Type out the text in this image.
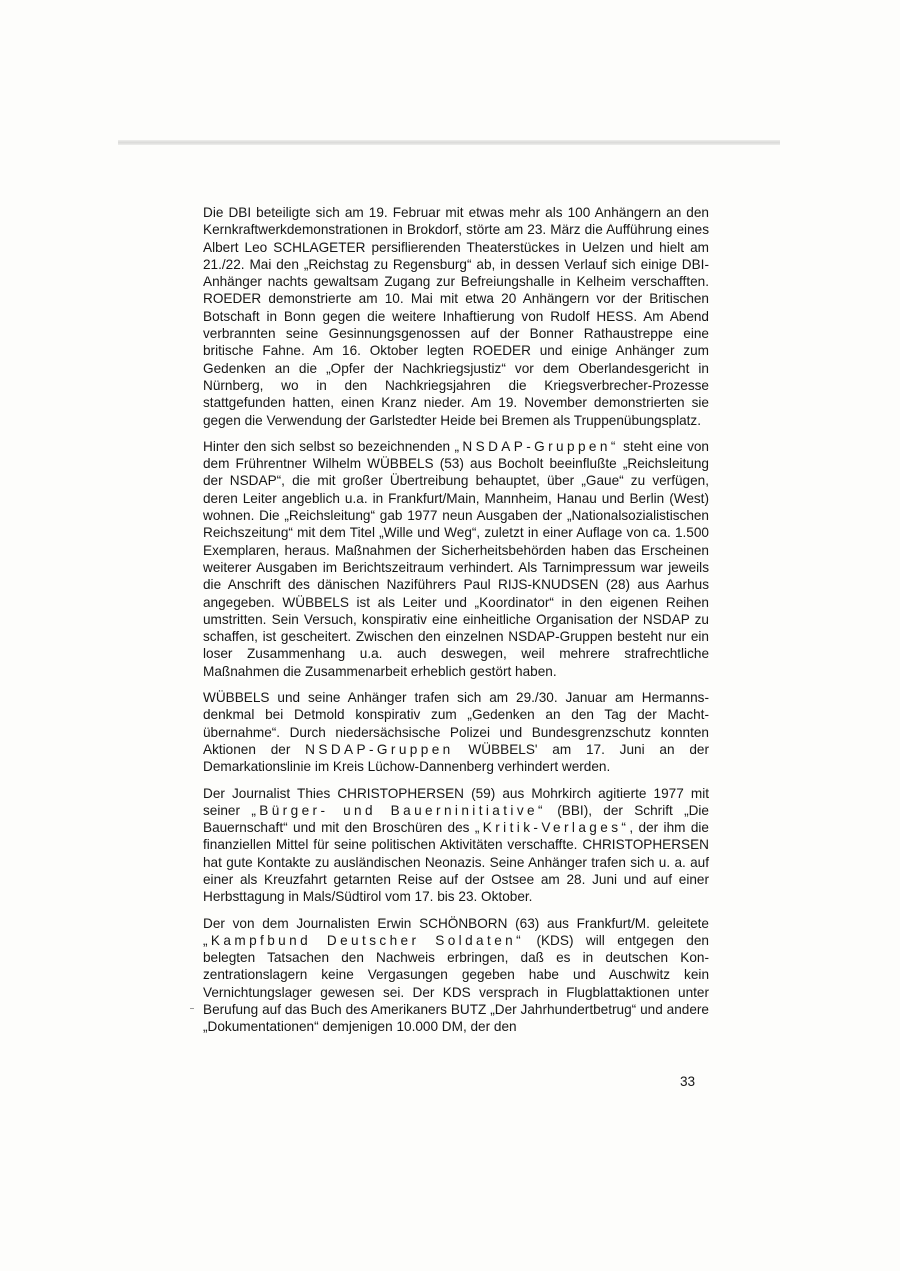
Die DBI beteiligte sich am 19. Februar mit etwas mehr als 100 Anhängern an den Kernkraftwerkdemonstrationen in Brokdorf, störte am 23. März die Aufführung eines Albert Leo SCHLAGETER persiflierenden Theaterstückes in Uelzen und hielt am 21./22. Mai den „Reichstag zu Regensburg“ ab, in dessen Verlauf sich einige DBI-Anhänger nachts gewaltsam Zugang zur Befreiungshalle in Kelheim verschafften. ROEDER demonstrierte am 10. Mai mit etwa 20 Anhängern vor der Britischen Botschaft in Bonn gegen die weitere Inhaftierung von Rudolf HESS. Am Abend verbrannten seine Gesinnungsgenossen auf der Bonner Rathaustreppe eine britische Fahne. Am 16. Oktober legten ROEDER und einige Anhänger zum Gedenken an die „Opfer der Nachkriegsjustiz“ vor dem Oberlandesgericht in Nürnberg, wo in den Nachkriegsjahren die Kriegsverbrecher-Prozesse stattgefunden hatten, einen Kranz nieder. Am 19. November demonstrierten sie gegen die Verwendung der Garlstedter Heide bei Bremen als Truppenübungsplatz.

Hinter den sich selbst so bezeichnenden „NSDAP-Gruppen“ steht eine von dem Frührentner Wilhelm WÜBBELS (53) aus Bocholt beeinflußte „Reichsleitung der NSDAP“, die mit großer Übertreibung behauptet, über „Gaue“ zu verfügen, deren Leiter angeblich u.a. in Frankfurt/Main, Mannheim, Hanau und Berlin (West) wohnen. Die „Reichsleitung“ gab 1977 neun Ausgaben der „Nationalsozialistischen Reichszeitung“ mit dem Titel „Wille und Weg“, zuletzt in einer Auflage von ca. 1.500 Exemplaren, heraus. Maßnahmen der Sicherheitsbehörden haben das Erscheinen weiterer Ausgaben im Berichtszeitraum verhindert. Als Tarnimpressum war jeweils die Anschrift des dänischen Naziführers Paul RIJS-KNUDSEN (28) aus Aarhus angegeben. WÜBBELS ist als Leiter und „Koordinator“ in den eigenen Reihen umstritten. Sein Versuch, konspirativ eine einheitliche Organisation der NSDAP zu schaffen, ist gescheitert. Zwischen den einzelnen NSDAP-Gruppen besteht nur ein loser Zusammenhang u.a. auch deswegen, weil mehrere strafrechtliche Maßnahmen die Zusammenarbeit erheblich gestört haben.

WÜBBELS und seine Anhänger trafen sich am 29./30. Januar am Hermannsdenkmal bei Detmold konspirativ zum „Gedenken an den Tag der Machtübernahme“. Durch niedersächsische Polizei und Bundesgrenzschutz konnten Aktionen der NSDAP-Gruppen WÜBBELS' am 17. Juni an der Demarkationslinie im Kreis Lüchow-Dannenberg verhindert werden.

Der Journalist Thies CHRISTOPHERSEN (59) aus Mohrkirch agitierte 1977 mit seiner „Bürger- und Bauerninitiative“ (BBI), der Schrift „Die Bauernschaft“ und mit den Broschüren des „Kritik-Verlages“, der ihm die finanziellen Mittel für seine politischen Aktivitäten verschaffte. CHRISTOPHERSEN hat gute Kontakte zu ausländischen Neonazis. Seine Anhänger trafen sich u. a. auf einer als Kreuzfahrt getarnten Reise auf der Ostsee am 28. Juni und auf einer Herbsttagung in Mals/Südtirol vom 17. bis 23. Oktober.

Der von dem Journalisten Erwin SCHÖNBORN (63) aus Frankfurt/M. geleitete „Kampfbund Deutscher Soldaten“ (KDS) will entgegen den belegten Tatsachen den Nachweis erbringen, daß es in deutschen Konzentrationslagern keine Vergasungen gegeben habe und Auschwitz kein Vernichtungslager gewesen sei. Der KDS versprach in Flugblattaktionen unter Berufung auf das Buch des Amerikaners BUTZ „Der Jahrhundertbetrug“ und andere „Dokumentationen“ demjenigen 10.000 DM, der den

33
